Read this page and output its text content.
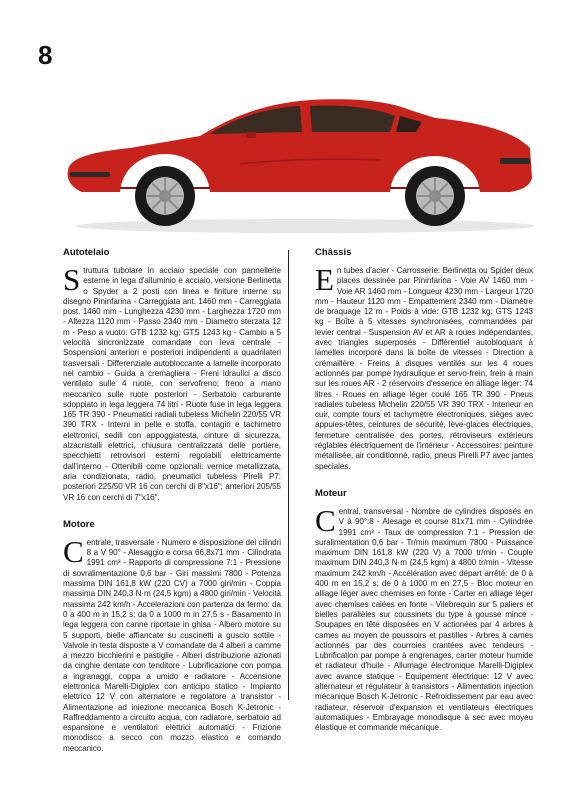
8
Autotelaio

Struttura tubolare in acciaio speciale con pannellerie esterne in lega d'alluminio e acciaio, versione Berlinetta o Spyder a 2 posti con linea e finiture interne su disegno Pininfarina - Carreggiata ant. 1460 mm - Carreggiata post. 1460 mm - Lunghezza 4230 mm - Larghezza 1720 mm - Altezza 1120 mm - Passo 2340 mm - Diametro sterzata 12 m - Peso a vuoto: GTB 1232 kg; GTS 1243 kg - Cambio a 5 velocità sincronizzate comandate con leva centrale - Sospensioni anteriori e posteriori indipendenti a quadrilateri trasversali - Differenziale autobloccante a lamelle incorporato nel cambio - Guida a cremagliera - Freni idraulici a disco ventilato sulle 4 ruote, con servofreno; freno a mano meccanico sulle ruote posteriori - Serbatoio carburante sdoppiato in lega leggera 74 litri - Ruote fuse in lega leggera 165 TR 390 - Pneumatici radiali tubeless Michelin 220/55 VR 390 TRX - Interni in pelle e stoffa, contagiri e tachimetro elettronici, sedili con appoggiatesta, cinture di sicurezza, alzacristalli elettrici, chiusura centralizzata delle portiere, specchietti retrovisori esterni regolabili elettricamente dall'interno - Ottenibili come opzionali: vernice metallizzata, aria condizionata, radio, pneumatici tubeless Pirelli P7: posteriori 225/50 VR 16 con cerchi di 8"x16"; anteriori 205/55 VR 16 con cerchi di 7"x16".

Motore

Centrale, trasversale - Numero e disposizione dei cilindri 8 a V 90° - Alesaggio e corsa 66,8x71 mm - Cilindrata 1991 cm³ - Rapporto di compressione 7:1 - Pressione di sovralimentazione 0,6 bar - Giri massimi 7800 - Potenza massima DIN 161,8 kW (220 CV) a 7000 giri/min - Coppia massima DIN 240,3 N·m (24,5 kgm) a 4800 giri/min - Velocità massima 242 km/h - Accelerazioni con partenza da fermo: da 0 a 400 m in 15,2 s; da 0 a 1000 m in 27,5 s - Basamento in lega leggera con canne riportate in ghisa - Albero motore su 5 supporti, bielle affiancate su cuscinetti a guscio sottile - Valvole in testa disposte a V comandate da 4 alberi a camme a mezzo bicchierini e pastiglie - Alberi distribuzione azionati da cinghie dentate con tenditore - Lubrificazione con pompa a ingranaggi, coppa a umido e radiatore - Accensione elettronica Marelli-Digiplex con anticipo statico - Impianto elettrico 12 V con alternatore e regolatore a transistor - Alimentazione ad iniezione meccanica Bosch K-Jetronic - Raffreddamento a circuito acqua, con radiatore, serbatoio ad espansione e ventilatori elettrici automatici - Frizione monodisco a secco con mozzo elastico e comando meccanico.

Châssis

En tubes d'acier - Carrosserie: Berlinetta ou Spider deux places dessinée par Pininfarina - Voie AV 1460 mm - Voie AR 1460 mm - Longueur 4230 mm - Largeur 1720 mm - Hauteur 1120 mm - Empattement 2340 mm - Diamètre de braquage 12 m - Poids à vide: GTB 1232 kg; GTS 1243 kg - Boîte à 5 vitesses synchronisées, commandées par levier central - Suspension AV et AR à roues indépendantes, avec triangles superposés - Différentiel autobloquant à lamelles incorporé dans la boîte de vitesses - Direction à crémaillère - Freins à disques ventilés sur les 4 roues actionnés par pompe hydraulique et servo-frein, frein à main sur les roues AR - 2 réservoirs d'essence en alliage léger: 74 litres - Roues en alliage léger coulé 165 TR 390 - Pneus radiales tubeless Michelin 220/55 VR 390 TRX - Interieur en cuir, compte tours et tachymètre électroniques, sièges avec appuies-têtes, ceintures de sécurité, lève-glaces électriques, fermeture centralisée des portes, rétroviseurs extérieurs réglables électriquement de l'intérieur - Accessoires: peinture métallisée, air conditionné, radio, pneus Pirelli P7 avec jantes speciales.

Moteur

Central, transversal - Nombre de cylindres disposés en V à 90°:8 - Alesage et course 81x71 mm - Cylindrée 1991 cm³ - Taux de compression 7:1 - Pression de suralimentation 0,6 bar - Tr/min maximum 7800 - Puissance maximum DIN 161,8 kW (220 V) à 7000 tr/min - Couple maximum DIN 240,3 N·m (24,5 kgm) à 4800 tr/min - Vitesse maximum 242 km/h - Accélération avec départ arrêté: de 0 à 400 m en 15,2 s; de 0 à 1000 m en 27,5 - Bloc moteur en alliage léger avec chemises en fonte - Carter en alliage léger avec chemises calées en fonte - Vilebrequin sur 5 paliers et bielles parallèles sur coussinets du type à gousse mince - Soupapes en tête disposées en V actionées par 4 arbres à cames au moyen de poussoirs et pastilles - Arbres à cames actionnés par des courroies crantées avec tendeurs - Lubrification par pompe à engrenages, carter moteur humide et radiateur d'huile - Allumage électronique Marelli-Digiplex avec avance statique - Equipement électrique: 12 V avec alternateur et régulateur à transistors - Alimentation injection mécanique Bosch K-Jetronic - Refroidissement par eau avec radiateur, réservoir d'expansion et ventilateurs électriques automatiques - Embrayage monodisque à sec avec moyeu élastique et commande mécanique.
